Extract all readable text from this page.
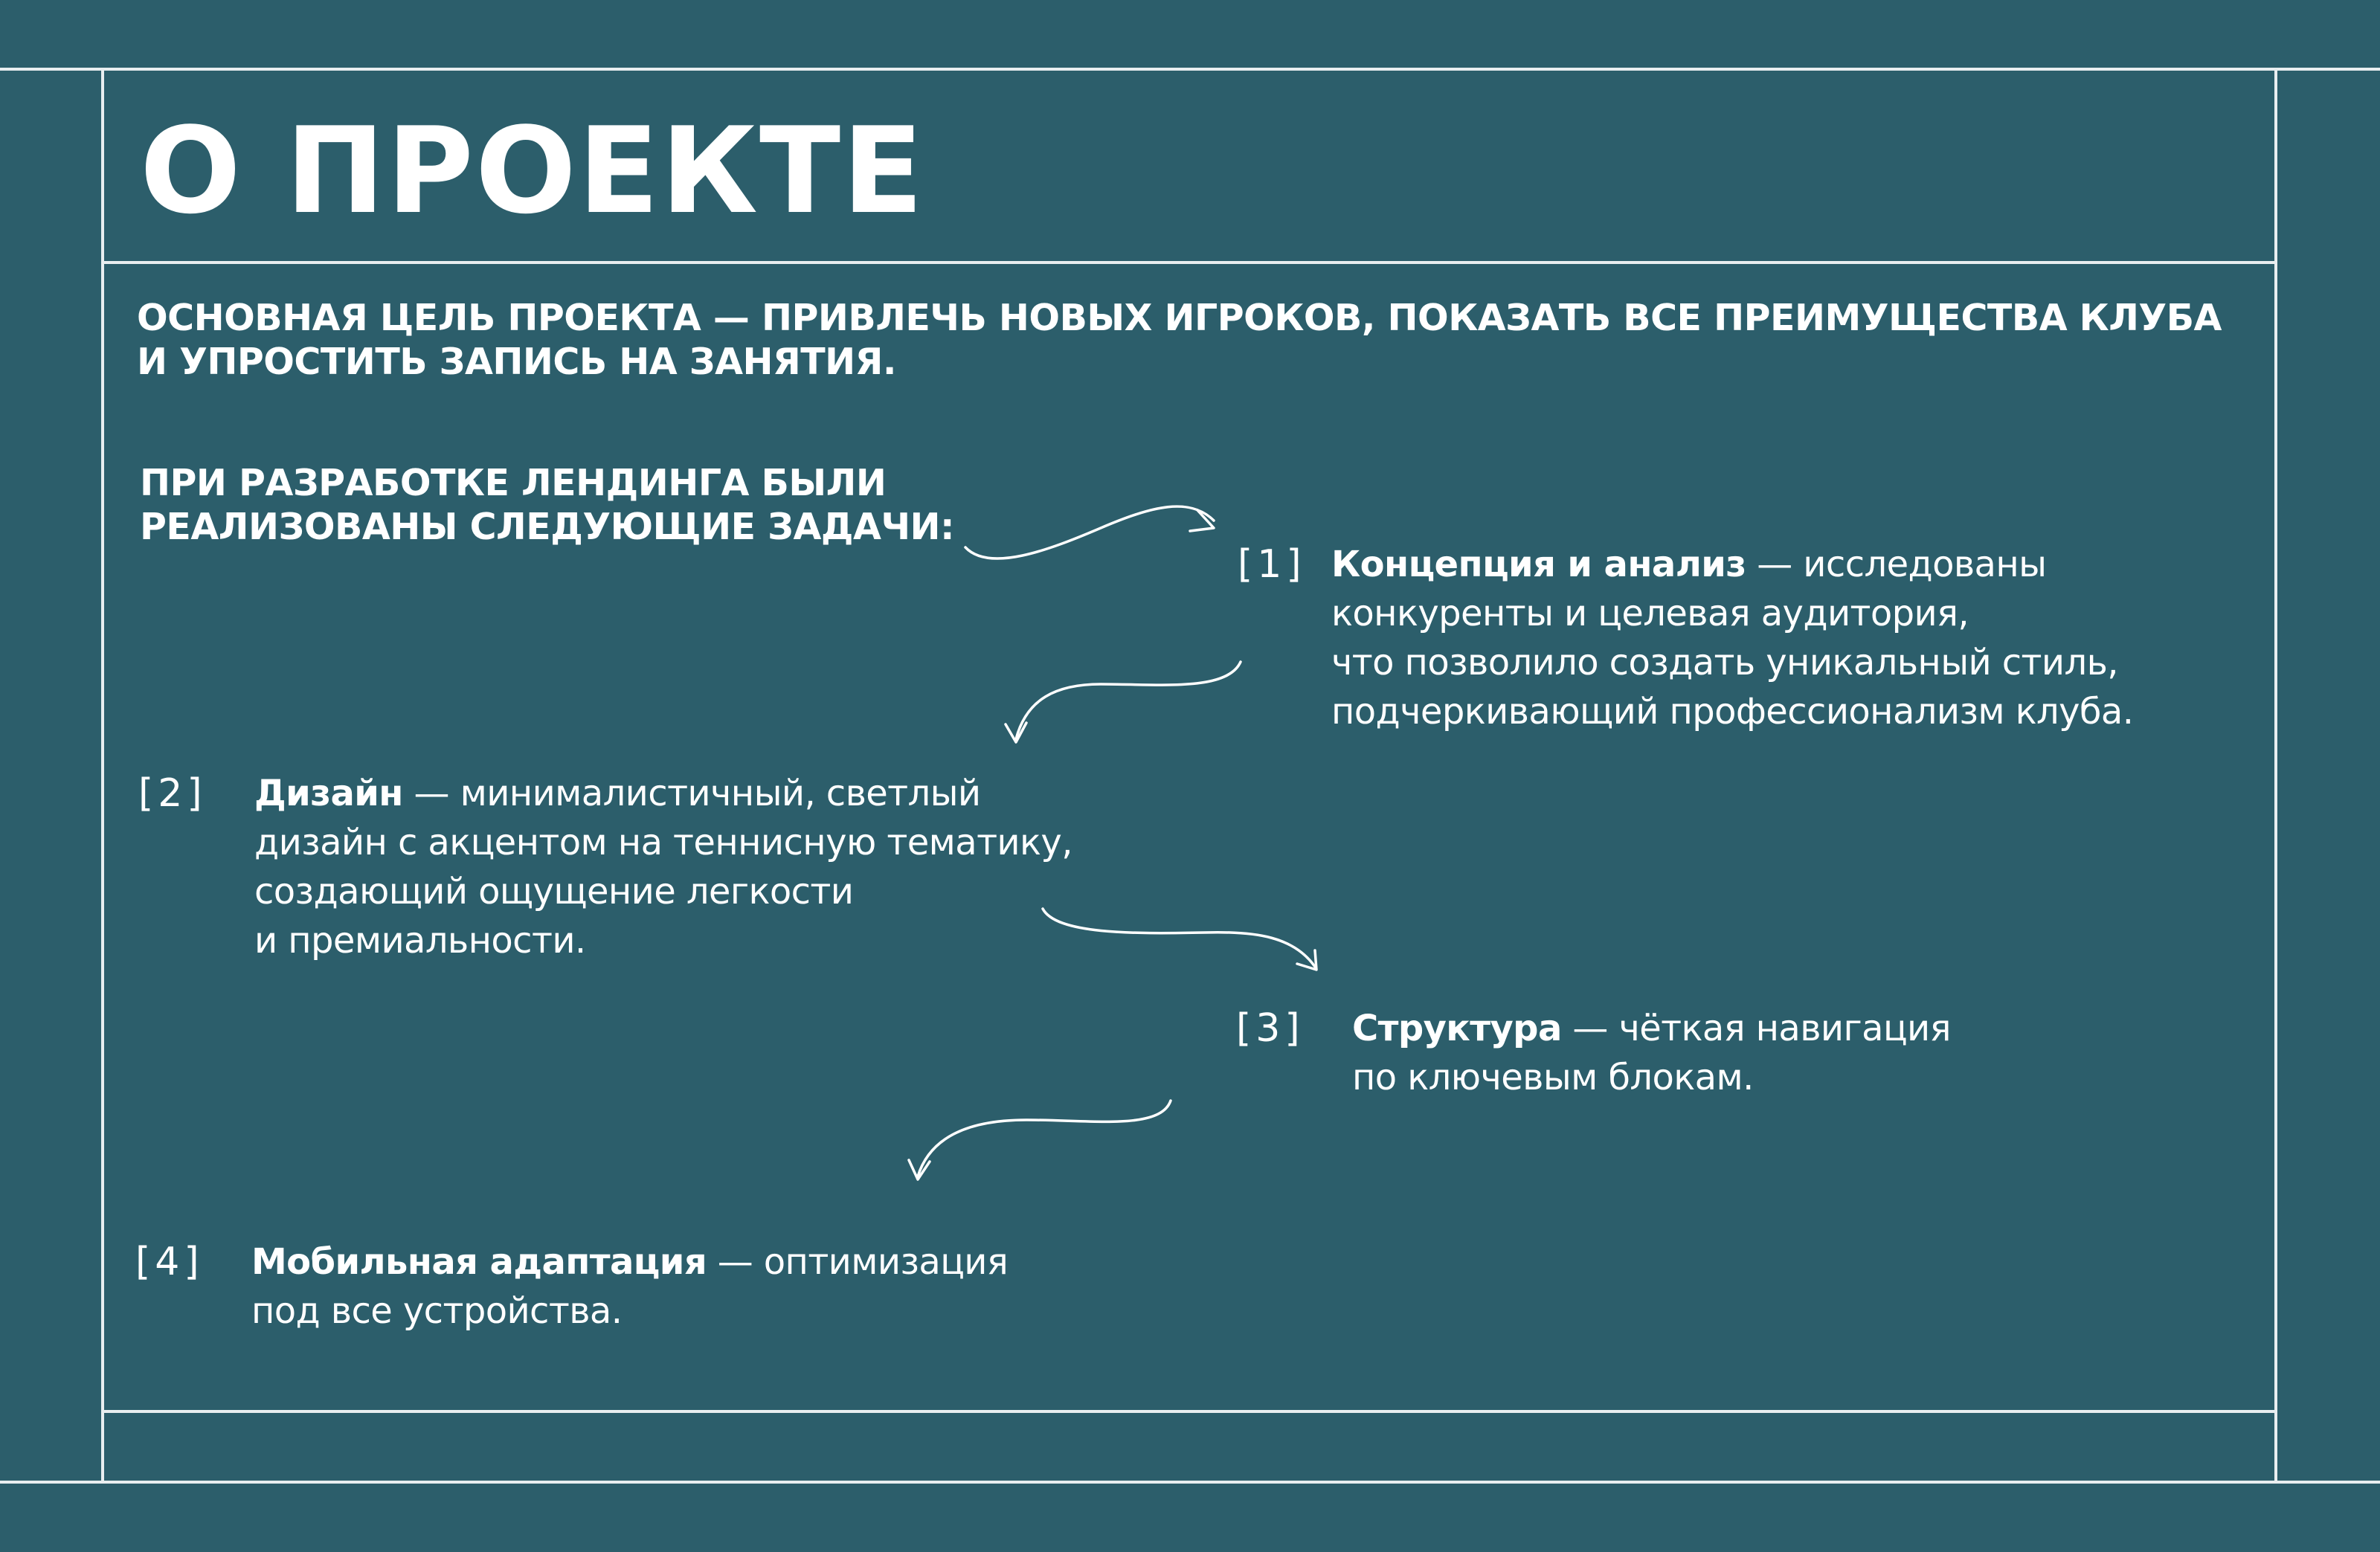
О ПРОЕКТЕ
ОСНОВНАЯ ЦЕЛЬ ПРОЕКТА — ПРИВЛЕЧЬ НОВЫХ ИГРОКОВ, ПОКАЗАТЬ ВСЕ ПРЕИМУЩЕСТВА КЛУБА И УПРОСТИТЬ ЗАПИСЬ НА ЗАНЯТИЯ.
ПРИ РАЗРАБОТКЕ ЛЕНДИНГА БЫЛИ РЕАЛИЗОВАНЫ СЛЕДУЮЩИЕ ЗАДАЧИ:
[1] Концепция и анализ — исследованы
конкуренты и целевая аудитория,
что позволило создать уникальный стиль,
подчеркивающий профессионализм клуба.
[2] Дизайн — минималистичный, светлый
дизайн с акцентом на теннисную тематику,
создающий ощущение легкости
и премиальности.
[3] Структура — чёткая навигация
по ключевым блокам.
[4] Мобильная адаптация — оптимизация
под все устройства.
